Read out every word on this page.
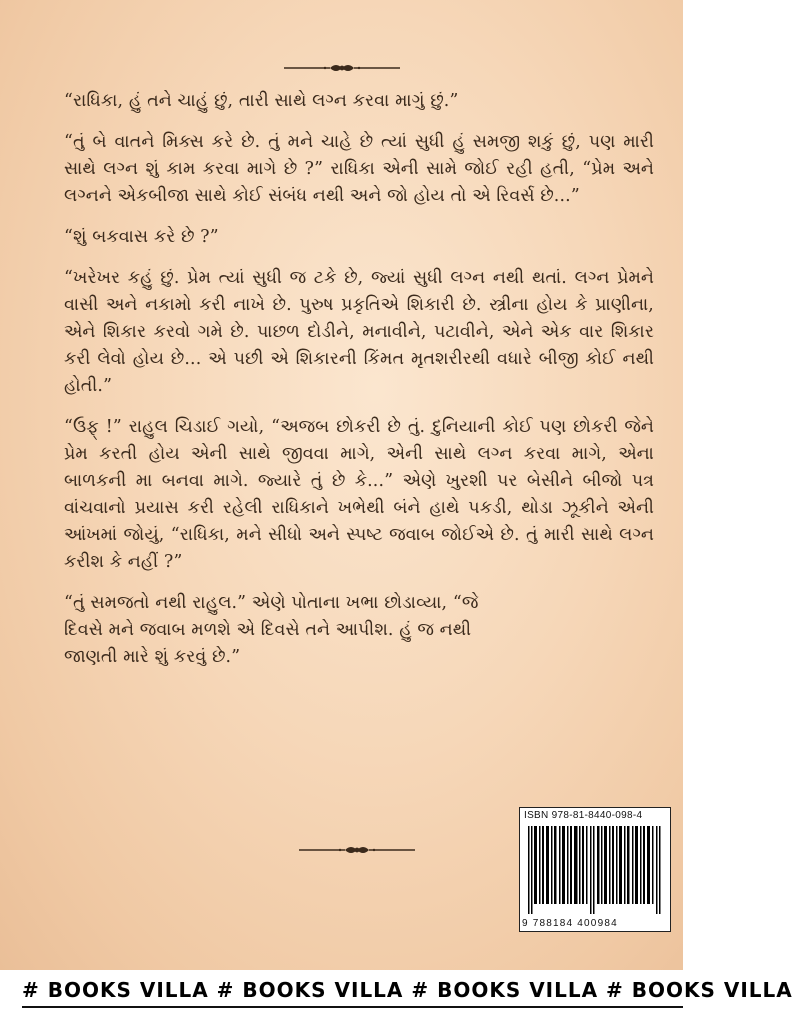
“રાધિકા, હું તને ચાહું છું, તારી સાથે લગ્ન કરવા માગું છું.”

“તું બે વાતને મિક્સ કરે છે. તું મને ચાહે છે ત્યાં સુધી હું સમજી શકું છું, પણ મારી સાથે લગ્ન શું કામ કરવા માગે છે ?” રાધિકા એની સામે જોઈ રહી હતી, “પ્રેમ અને લગ્નને એકબીજા સાથે કોઈ સંબંધ નથી અને જો હોય તો એ રિવર્સ છે...”

“શું બકવાસ કરે છે ?”

“ખરેખર કહું છું. પ્રેમ ત્યાં સુધી જ ટકે છે, જ્યાં સુધી લગ્ન નથી થતાં. લગ્ન પ્રેમને વાસી અને નકામો કરી નાખે છે. પુરુષ પ્રકૃતિએ શિકારી છે. સ્ત્રીના હોય કે પ્રાણીના, એને શિકાર કરવો ગમે છે. પાછળ દોડીને, મનાવીને, પટાવીને, એને એક વાર શિકાર કરી લેવો હોય છે... એ પછી એ શિકારની કિંમત મૃતશરીરથી વધારે બીજી કોઈ નથી હોતી.”

“ઉફ્ !” રાહુલ ચિડાઈ ગયો, “અજબ છોકરી છે તું. દુનિયાની કોઈ પણ છોકરી જેને પ્રેમ કરતી હોય એની સાથે જીવવા માગે, એની સાથે લગ્ન કરવા માગે, એના બાળકની મા બનવા માગે. જ્યારે તું છે કે...” એણે ખુરશી પર બેસીને બીજો પત્ર વાંચવાનો પ્રયાસ કરી રહેલી રાધિકાને ખભેથી બંને હાથે પકડી, થોડા ઝૂકીને એની આંખમાં જોયું, “રાધિકા, મને સીધો અને સ્પષ્ટ જવાબ જોઈએ છે. તું મારી સાથે લગ્ન કરીશ કે નહીં ?”

“તું સમજતો નથી રાહુલ.” એણે પોતાના ખભા છોડાવ્યા, “જે દિવસે મને જવાબ મળશે એ દિવસે તને આપીશ. હું જ નથી જાણતી મારે શું કરવું છે.”

ISBN 978-81-8440-098-4
9 788184 400984
# BOOKS VILLA # BOOKS VILLA # BOOKS VILLA # BOOKS VILLA
